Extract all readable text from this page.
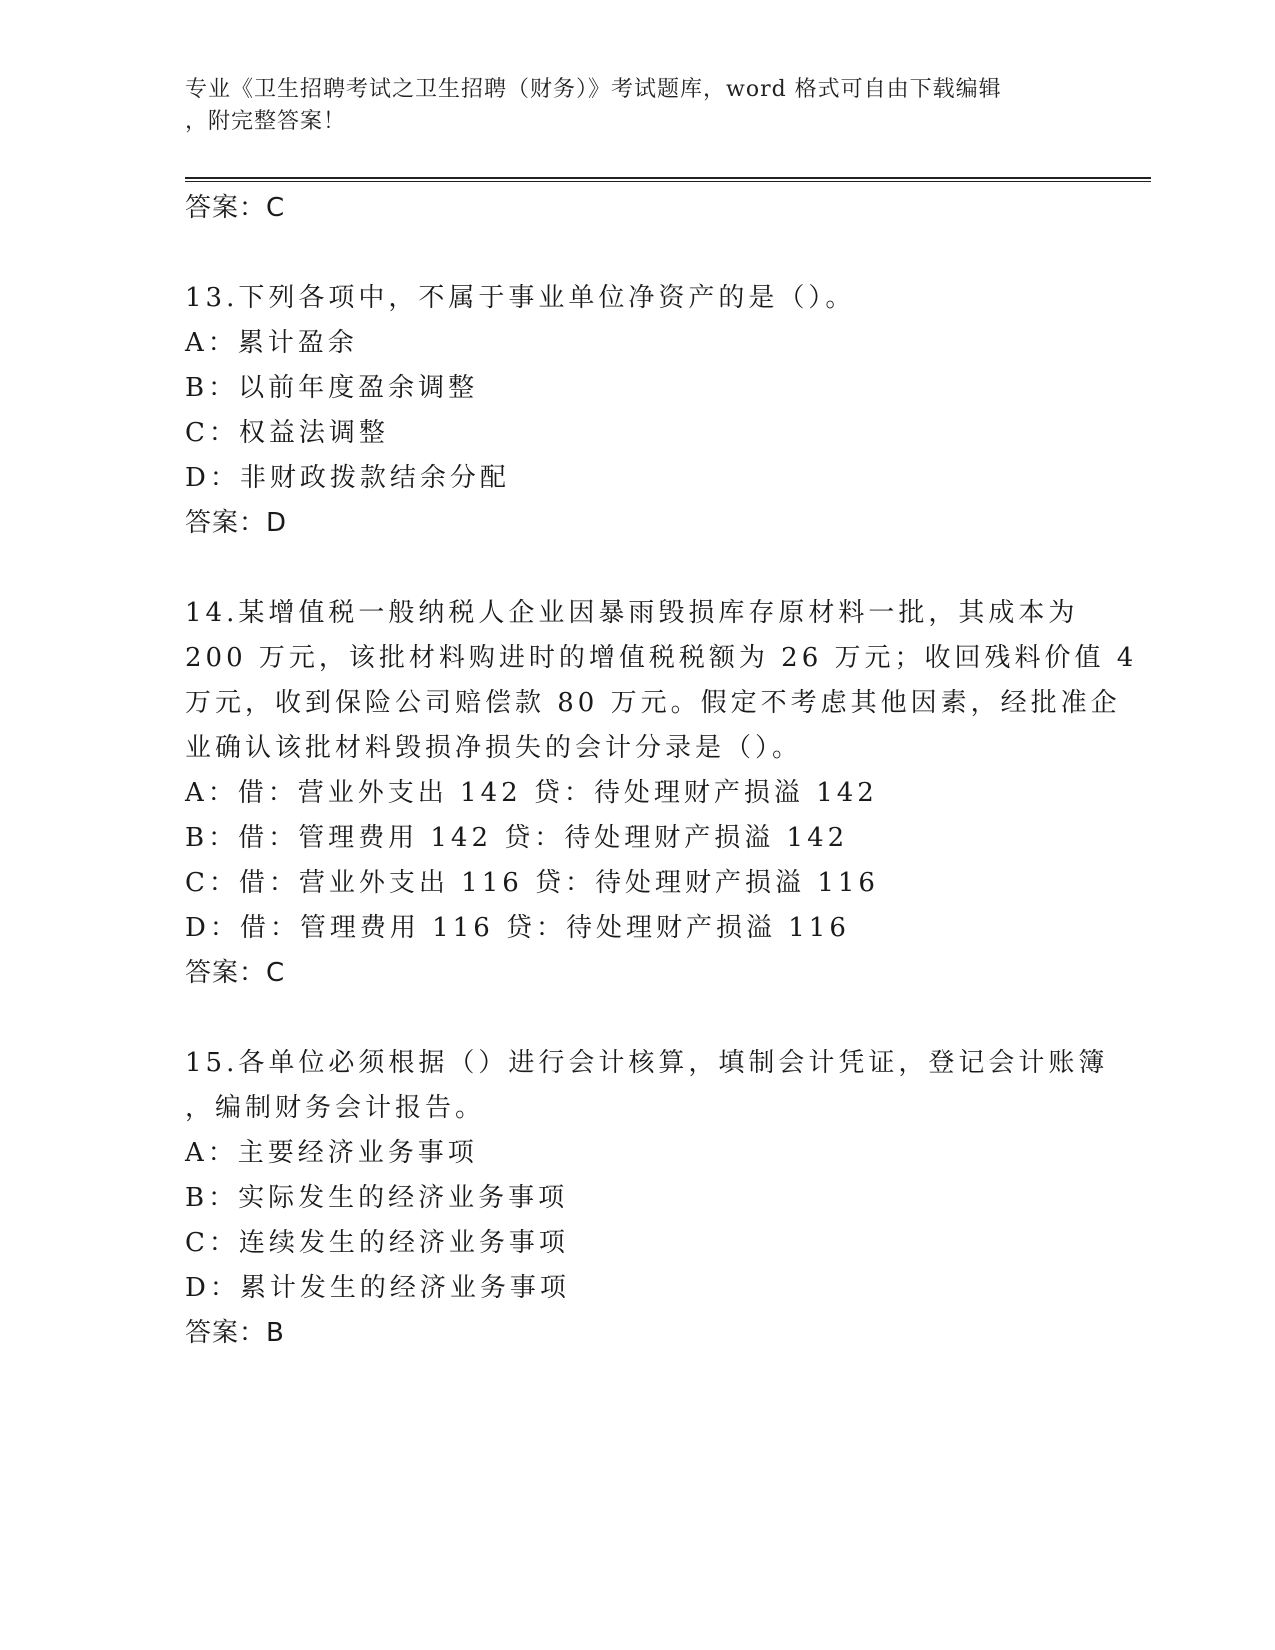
专业《卫生招聘考试之卫生招聘（财务）》考试题库，word 格式可自由下载编辑
，附完整答案！
答案：C
13.下列各项中，不属于事业单位净资产的是（）。
A：累计盈余
B：以前年度盈余调整
C：权益法调整
D：非财政拨款结余分配
答案：D
14.某增值税一般纳税人企业因暴雨毁损库存原材料一批，其成本为
200 万元，该批材料购进时的增值税税额为 26 万元；收回残料价值 4
万元，收到保险公司赔偿款 80 万元。假定不考虑其他因素，经批准企
业确认该批材料毁损净损失的会计分录是（）。
A：借：营业外支出 142 贷：待处理财产损溢 142
B：借：管理费用 142 贷：待处理财产损溢 142
C：借：营业外支出 116 贷：待处理财产损溢 116
D：借：管理费用 116 贷：待处理财产损溢 116
答案：C
15.各单位必须根据（）进行会计核算，填制会计凭证，登记会计账簿
，编制财务会计报告。
A：主要经济业务事项
B：实际发生的经济业务事项
C：连续发生的经济业务事项
D：累计发生的经济业务事项
答案：B
